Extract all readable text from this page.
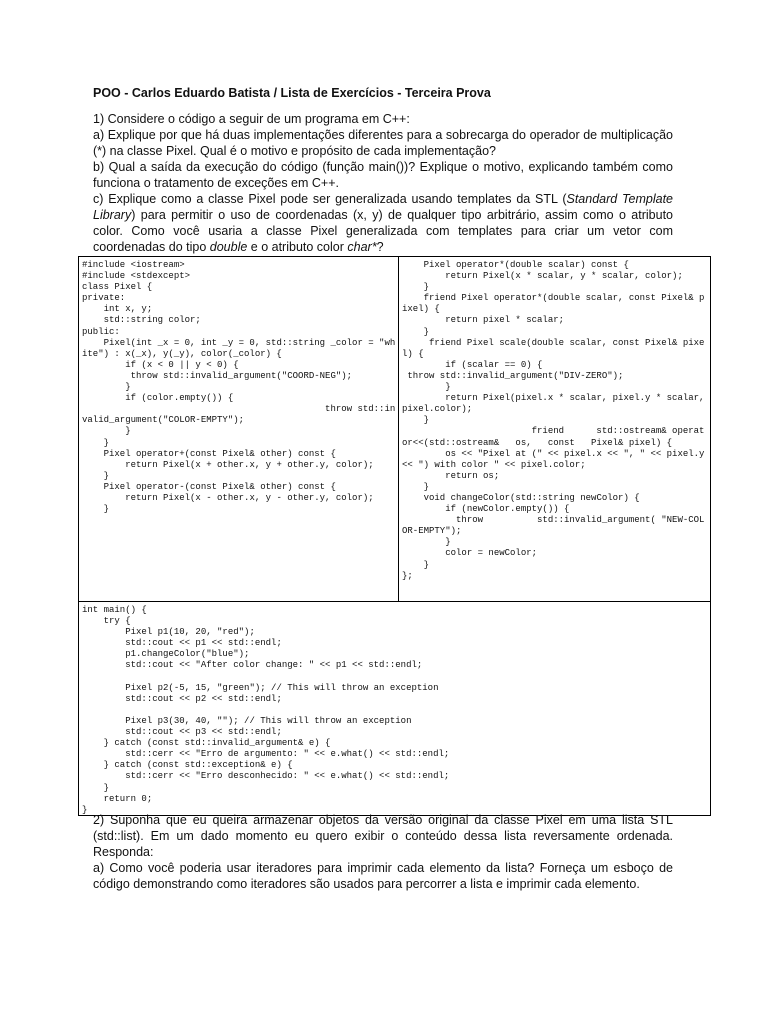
POO - Carlos Eduardo Batista / Lista de Exercícios - Terceira Prova

1) Considere o código a seguir de um programa em C++:

a) Explique por que há duas implementações diferentes para a sobrecarga do operador de multiplicação (*) na classe Pixel. Qual é o motivo e propósito de cada implementação?

b) Qual a saída da execução do código (função main())? Explique o motivo, explicando também como funciona o tratamento de exceções em C++.

c) Explique como a classe Pixel pode ser generalizada usando templates da STL (Standard Template Library) para permitir o uso de coordenadas (x, y) de qualquer tipo arbitrário, assim como o atributo color. Como você usaria a classe Pixel generalizada com templates para criar um vetor com coordenadas do tipo double e o atributo color char*?

#include <iostream>
#include <stdexcept>
class Pixel {
private:
int x, y;
std::string color;
public:
Pixel(int _x = 0, int _y = 0, std::string _color = "white") : x(_x), y(_y), color(_color) {
if (x < 0 || y < 0) {
throw std::invalid_argument("COORD-NEG");
}
if (color.empty()) {
throw std::invalid_argument("COLOR-EMPTY");
}
}
Pixel operator+(const Pixel& other) const {
return Pixel(x + other.x, y + other.y, color);
}
Pixel operator-(const Pixel& other) const {
return Pixel(x - other.x, y - other.y, color);
}
Pixel operator*(double scalar) const {
return Pixel(x * scalar, y * scalar, color);
}
friend Pixel operator*(double scalar, const Pixel& pixel) {
return pixel * scalar;
}
friend Pixel scale(double scalar, const Pixel& pixel) {
if (scalar == 0) {
throw std::invalid_argument("DIV-ZERO");
}
return Pixel(pixel.x * scalar, pixel.y * scalar, pixel.color);
}
friend      std::ostream& operator<<(std::ostream&   os,   const   Pixel& pixel) {
os << "Pixel at (" << pixel.x << ", " << pixel.y << ") with color " << pixel.color;
return os;
}
void changeColor(std::string newColor) {
if (newColor.empty()) {
throw          std::invalid_argument( "NEW-COLOR-EMPTY");
}
color = newColor;
}
};
int main() {
try {
Pixel p1(10, 20, "red");
std::cout << p1 << std::endl;
p1.changeColor("blue");
std::cout << "After color change: " << p1 << std::endl;

Pixel p2(-5, 15, "green"); // This will throw an exception
std::cout << p2 << std::endl;

Pixel p3(30, 40, ""); // This will throw an exception
std::cout << p3 << std::endl;
} catch (const std::invalid_argument& e) {
std::cerr << "Erro de argumento: " << e.what() << std::endl;
} catch (const std::exception& e) {
std::cerr << "Erro desconhecido: " << e.what() << std::endl;
}
return 0;
}

2) Suponha que eu queira armazenar objetos da versão original da classe Pixel em uma lista STL (std::list). Em um dado momento eu quero exibir o conteúdo dessa lista reversamente ordenada. Responda:

a) Como você poderia usar iteradores para imprimir cada elemento da lista? Forneça um esboço de código demonstrando como iteradores são usados para percorrer a lista e imprimir cada elemento.
